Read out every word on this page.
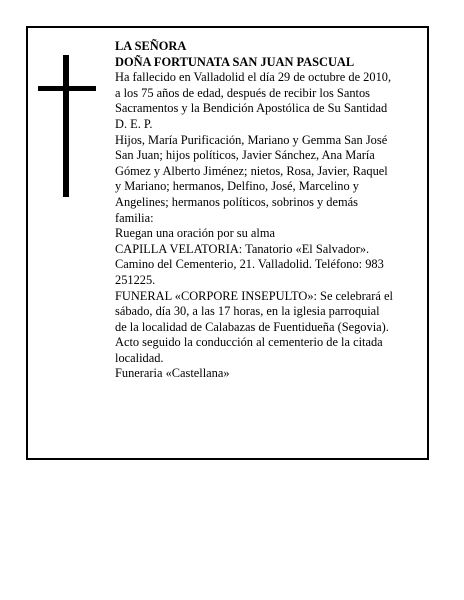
LA SEÑORA
DOÑA FORTUNATA SAN JUAN PASCUAL
Ha fallecido en Valladolid el día 29 de octubre de 2010,
a los 75 años de edad, después de recibir los Santos
Sacramentos y la Bendición Apostólica de Su Santidad
D. E. P.
Hijos, María Purificación, Mariano y Gemma San José
San Juan; hijos políticos, Javier Sánchez, Ana María
Gómez y Alberto Jiménez; nietos, Rosa, Javier, Raquel
y Mariano; hermanos, Delfino, José, Marcelino y
Angelines; hermanos políticos, sobrinos y demás
familia:
Ruegan una oración por su alma
CAPILLA VELATORIA: Tanatorio «El Salvador».
Camino del Cementerio, 21. Valladolid. Teléfono: 983
251225.
FUNERAL «CORPORE INSEPULTO»: Se celebrará el
sábado, día 30, a las 17 horas, en la iglesia parroquial
de la localidad de Calabazas de Fuentidueña (Segovia).
Acto seguido la conducción al cementerio de la citada
localidad.
Funeraria «Castellana»
